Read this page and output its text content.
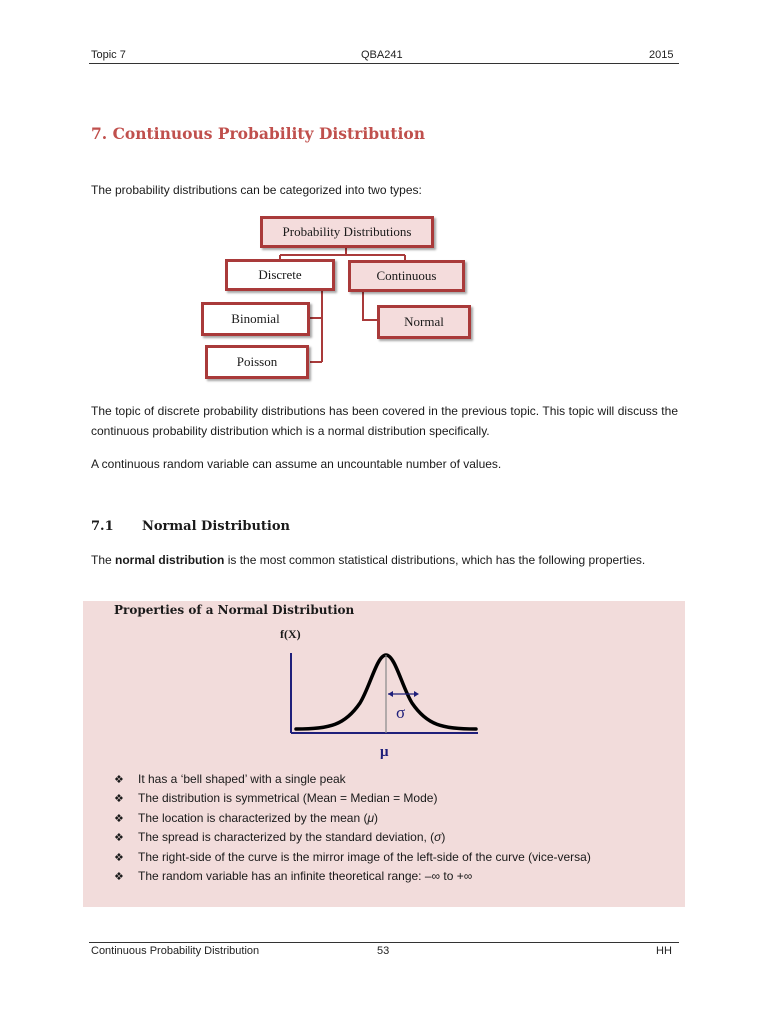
Topic 7	QBA241	2015
7. Continuous Probability Distribution
The probability distributions can be categorized into two types:
Probability Distributions
Discrete	Continuous
Binomial
Poisson
Normal
The topic of discrete probability distributions has been covered in the previous topic. This topic will discuss the continuous probability distribution which is a normal distribution specifically.
A continuous random variable can assume an uncountable number of values.
7.1 Normal Distribution
The normal distribution is the most common statistical distributions, which has the following properties.
Properties of a Normal Distribution
f(X)
σ
μ
❖ It has a ‘bell shaped’ with a single peak
❖ The distribution is symmetrical (Mean = Median = Mode)
❖ The location is characterized by the mean (μ)
❖ The spread is characterized by the standard deviation, (σ)
❖ The right-side of the curve is the mirror image of the left-side of the curve (vice-versa)
❖ The random variable has an infinite theoretical range: –∞ to +∞
Continuous Probability Distribution	53	HH
